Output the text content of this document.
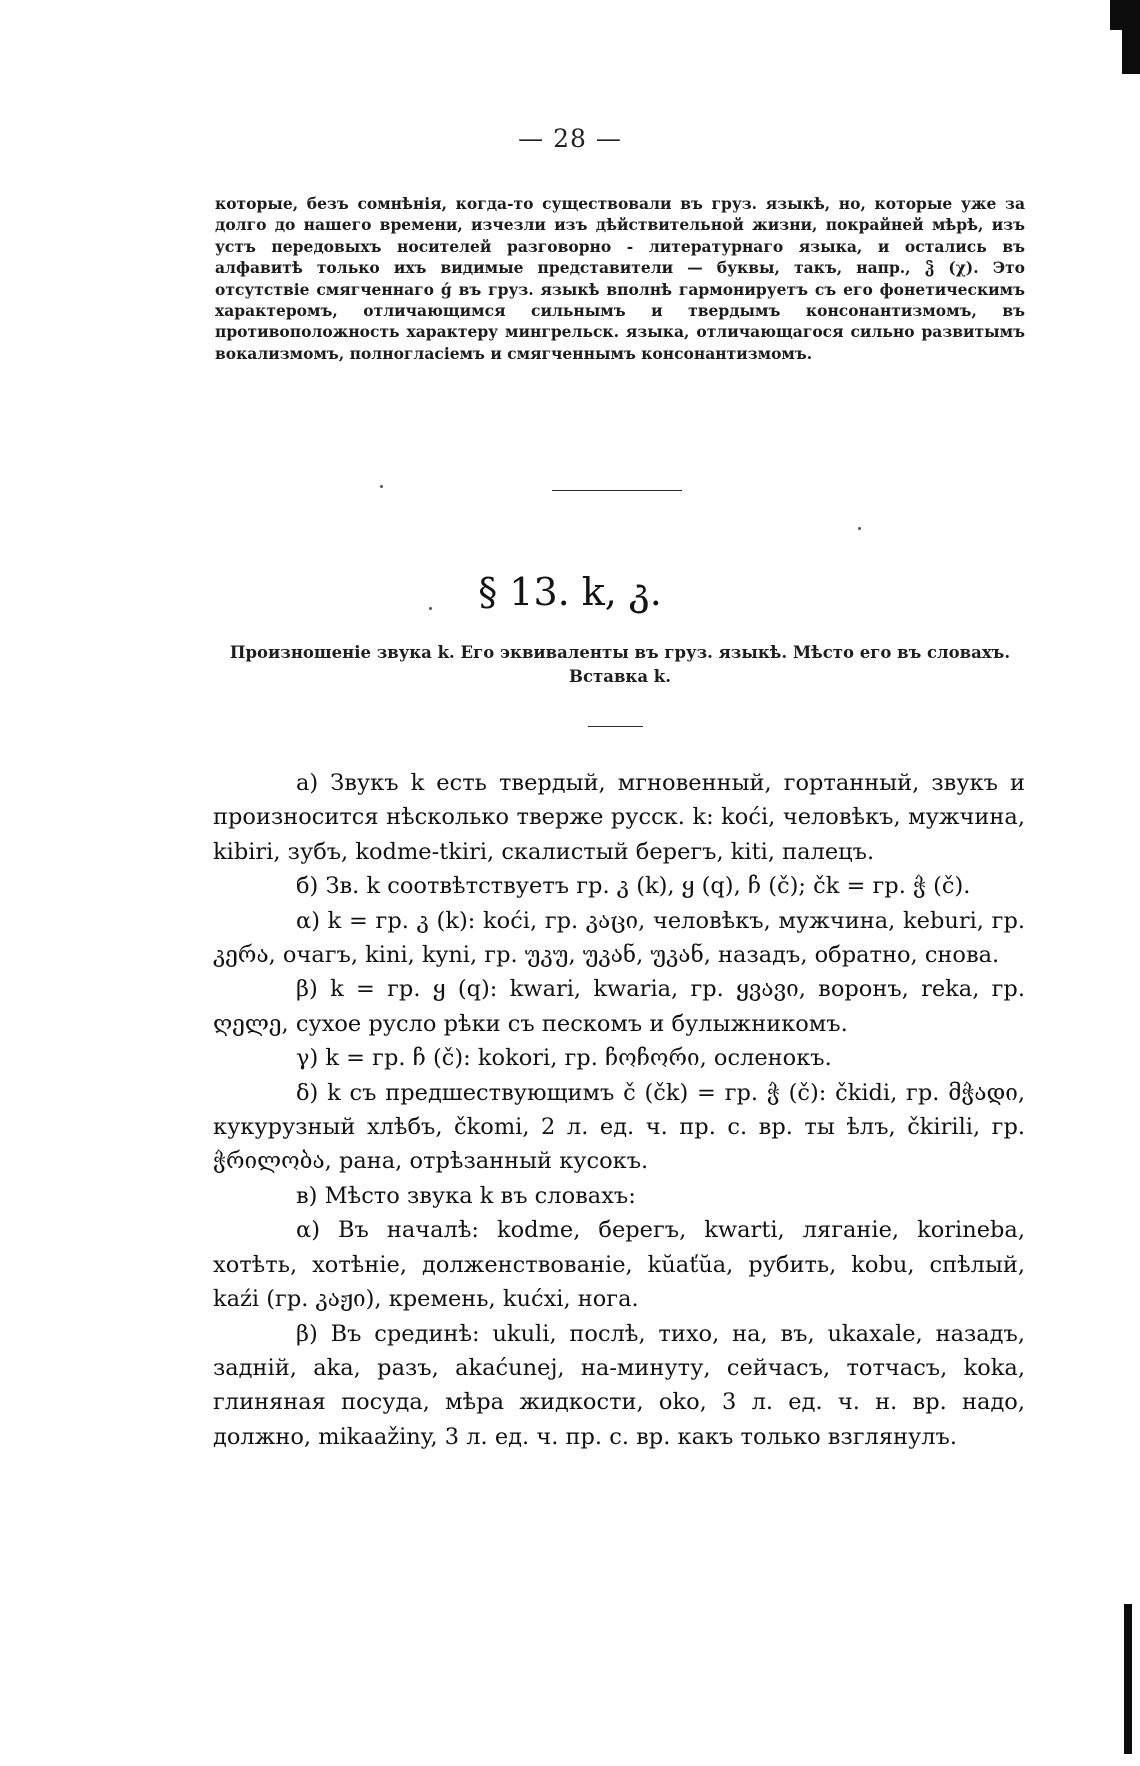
— 28 —
которые, безъ сомнѣнія, когда-то существовали въ груз. языкѣ, но, которые уже за долго до нашего времени, изчезли изъ дѣйствительной жизни, покрайней мѣрѣ, изъ устъ передовыхъ носителей разговорно - литературнаго языка, и остались въ алфавитѣ только ихъ видимые представители — буквы, такъ, напр., ჴ (χ). Это отсутствіе смягченнаго ǵ въ груз. языкѣ вполнѣ гармонируетъ съ его фонетическимъ характеромъ, отличающимся сильнымъ и твердымъ консонантизмомъ, въ противоположность характеру мингрельск. языка, отличающагося сильно развитымъ вокализмомъ, полногласіемъ и смягченнымъ консонантизмомъ.
§ 13. k, კ.
Произношеніе звука k. Его эквиваленты въ груз. языкѣ. Мѣсто его въ словахъ. Вставка k.

а) Звукъ k есть твердый, мгновенный, гортанный, звукъ и произносится нѣсколько тверже русск. k: koći, человѣкъ, мужчина, kibiri, зубъ, kodme-tkiri, скалистый берегъ, kiti, палецъ.

б) Зв. k соотвѣтствуетъ гр. კ (k), ყ (q), ჩ (č); čk = гр. ჭ (č).

α) k = гр. კ (k): koći, гр. კაცი, человѣкъ, мужчина, keburi, гр. კერა, очагъ, kini, kyni, гр. უკუ, უკან, უკან, назадъ, обратно, снова.

β) k = гр. ყ (q): kwari, kwaria, гр. ყვავი, воронъ, reka, гр. ღელე, сухое русло рѣки съ пескомъ и булыжникомъ.

γ) k = гр. ჩ (č): kokori, гр. ჩოჩორი, осленокъ.

δ) k съ предшествующимъ č (čk) = гр. ჭ (č): čkidi, гр. მჭადი, кукурузный хлѣбъ, čkomi, 2 л. ед. ч. пр. с. вр. ты ѣлъ, čkirili, гр. ჭრილობა, рана, отрѣзанный кусокъ.

в) Мѣсто звука k въ словахъ:

α) Въ началѣ: kodme, берегъ, kwarti, ляганіе, korineba, хотѣть, хотѣніе, долженствованіе, kŭaťŭa, рубить, kobu, спѣлый, kaźi (гр. კაჟი), кремень, kućxi, нога.

β) Въ срединѣ: ukuli, послѣ, тихо, на, въ, ukaxale, назадъ, задній, aka, разъ, akaćunеj, на-минуту, сейчасъ, тотчасъ, koka, глиняная посуда, мѣра жидкости, oko, 3 л. ед. ч. н. вр. надо, должно, mikaažiny, 3 л. ед. ч. пр. с. вр. какъ только взглянулъ.
